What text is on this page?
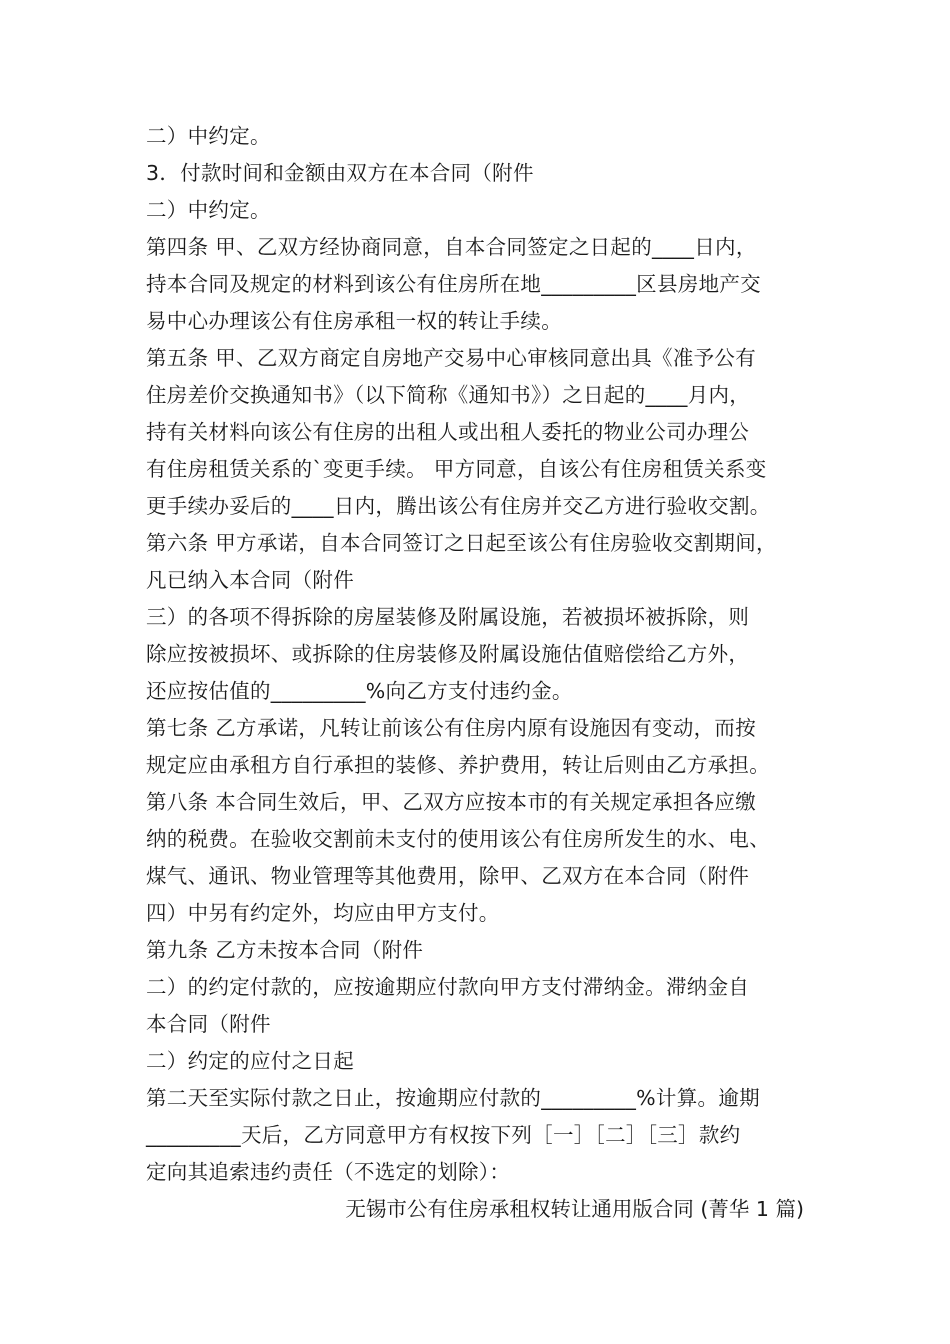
二）中约定。
3．付款时间和金额由双方在本合同（附件
二）中约定。
第四条 甲、乙双方经协商同意，自本合同签定之日起的____日内，
持本合同及规定的材料到该公有住房所在地_________区县房地产交
易中心办理该公有住房承租一权的转让手续。
第五条 甲、乙双方商定自房地产交易中心审核同意出具《准予公有
住房差价交换通知书》（以下简称《通知书》）之日起的____月内，
持有关材料向该公有住房的出租人或出租人委托的物业公司办理公
有住房租赁关系的`变更手续。 甲方同意，自该公有住房租赁关系变
更手续办妥后的____日内，腾出该公有住房并交乙方进行验收交割。
第六条 甲方承诺，自本合同签订之日起至该公有住房验收交割期间，
凡已纳入本合同（附件
三）的各项不得拆除的房屋装修及附属设施，若被损坏被拆除，则
除应按被损坏、或拆除的住房装修及附属设施估值赔偿给乙方外，
还应按估值的_________%向乙方支付违约金。
第七条 乙方承诺，凡转让前该公有住房内原有设施因有变动，而按
规定应由承租方自行承担的装修、养护费用，转让后则由乙方承担。
第八条 本合同生效后，甲、乙双方应按本市的有关规定承担各应缴
纳的税费。在验收交割前未支付的使用该公有住房所发生的水、电、
煤气、通讯、物业管理等其他费用，除甲、乙双方在本合同（附件
四）中另有约定外，均应由甲方支付。
第九条 乙方未按本合同（附件
二）的约定付款的，应按逾期应付款向甲方支付滞纳金。滞纳金自
本合同（附件
二）约定的应付之日起
第二天至实际付款之日止，按逾期应付款的_________%计算。逾期
_________天后，乙方同意甲方有权按下列［一］［二］［三］款约
定向其追索违约责任（不选定的划除）：
无锡市公有住房承租权转让通用版合同 (菁华 1 篇)
